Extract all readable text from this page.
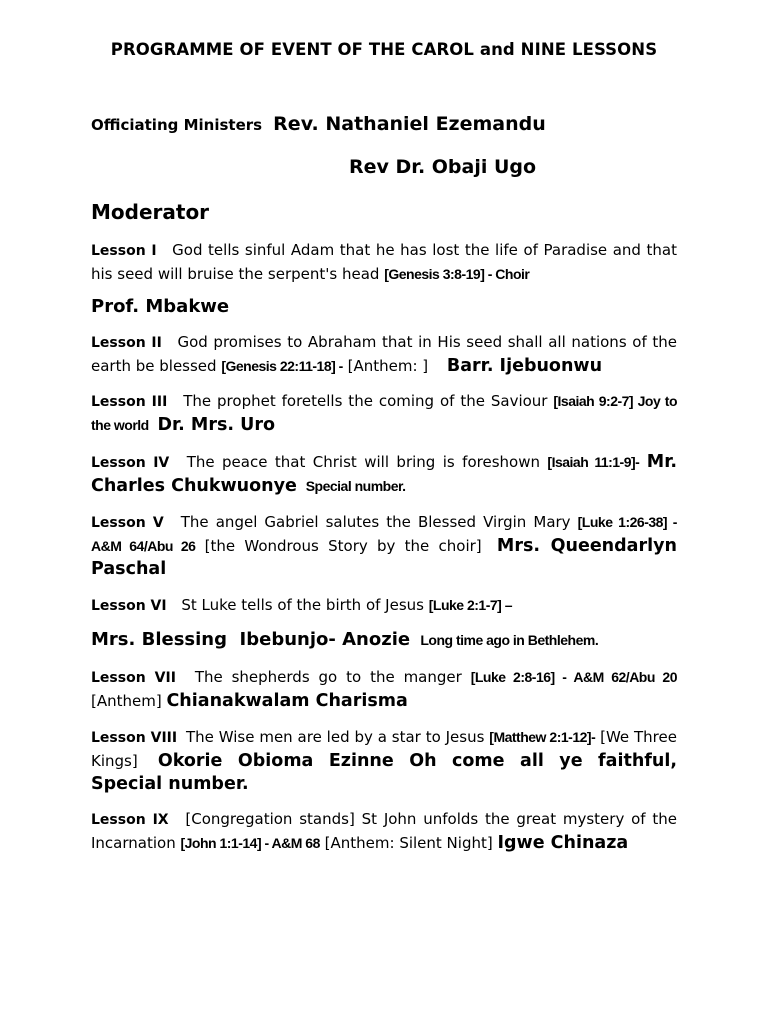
PROGRAMME OF EVENT OF THE CAROL and NINE LESSONS
Officiating Ministers Rev. Nathaniel Ezemandu
Rev Dr. Obaji Ugo
Moderator
Lesson I God tells sinful Adam that he has lost the life of Paradise and that his seed will bruise the serpent's head [Genesis 3:8-19] - Choir
Prof. Mbakwe
Lesson II God promises to Abraham that in His seed shall all nations of the earth be blessed [Genesis 22:11-18] - [Anthem: ] Barr. Ijebuonwu
Lesson III The prophet foretells the coming of the Saviour [Isaiah 9:2-7] Joy to the world Dr. Mrs. Uro
Lesson IV The peace that Christ will bring is foreshown [Isaiah 11:1-9]- Mr. Charles Chukwuonye Special number.
Lesson V The angel Gabriel salutes the Blessed Virgin Mary [Luke 1:26-38] - A&M 64/Abu 26 [the Wondrous Story by the choir] Mrs. Queendarlyn Paschal
Lesson VI St Luke tells of the birth of Jesus [Luke 2:1-7] –
Mrs. Blessing  Ibebunjo- Anozie Long time ago in Bethlehem.
Lesson VII The shepherds go to the manger [Luke 2:8-16] - A&M 62/Abu 20 [Anthem] Chianakwalam Charisma
Lesson VIII The Wise men are led by a star to Jesus [Matthew 2:1-12]- [We Three Kings] Okorie Obioma Ezinne Oh come all ye faithful, Special number.
Lesson IX [Congregation stands] St John unfolds the great mystery of the Incarnation [John 1:1-14] - A&M 68 [Anthem: Silent Night] Igwe Chinaza
